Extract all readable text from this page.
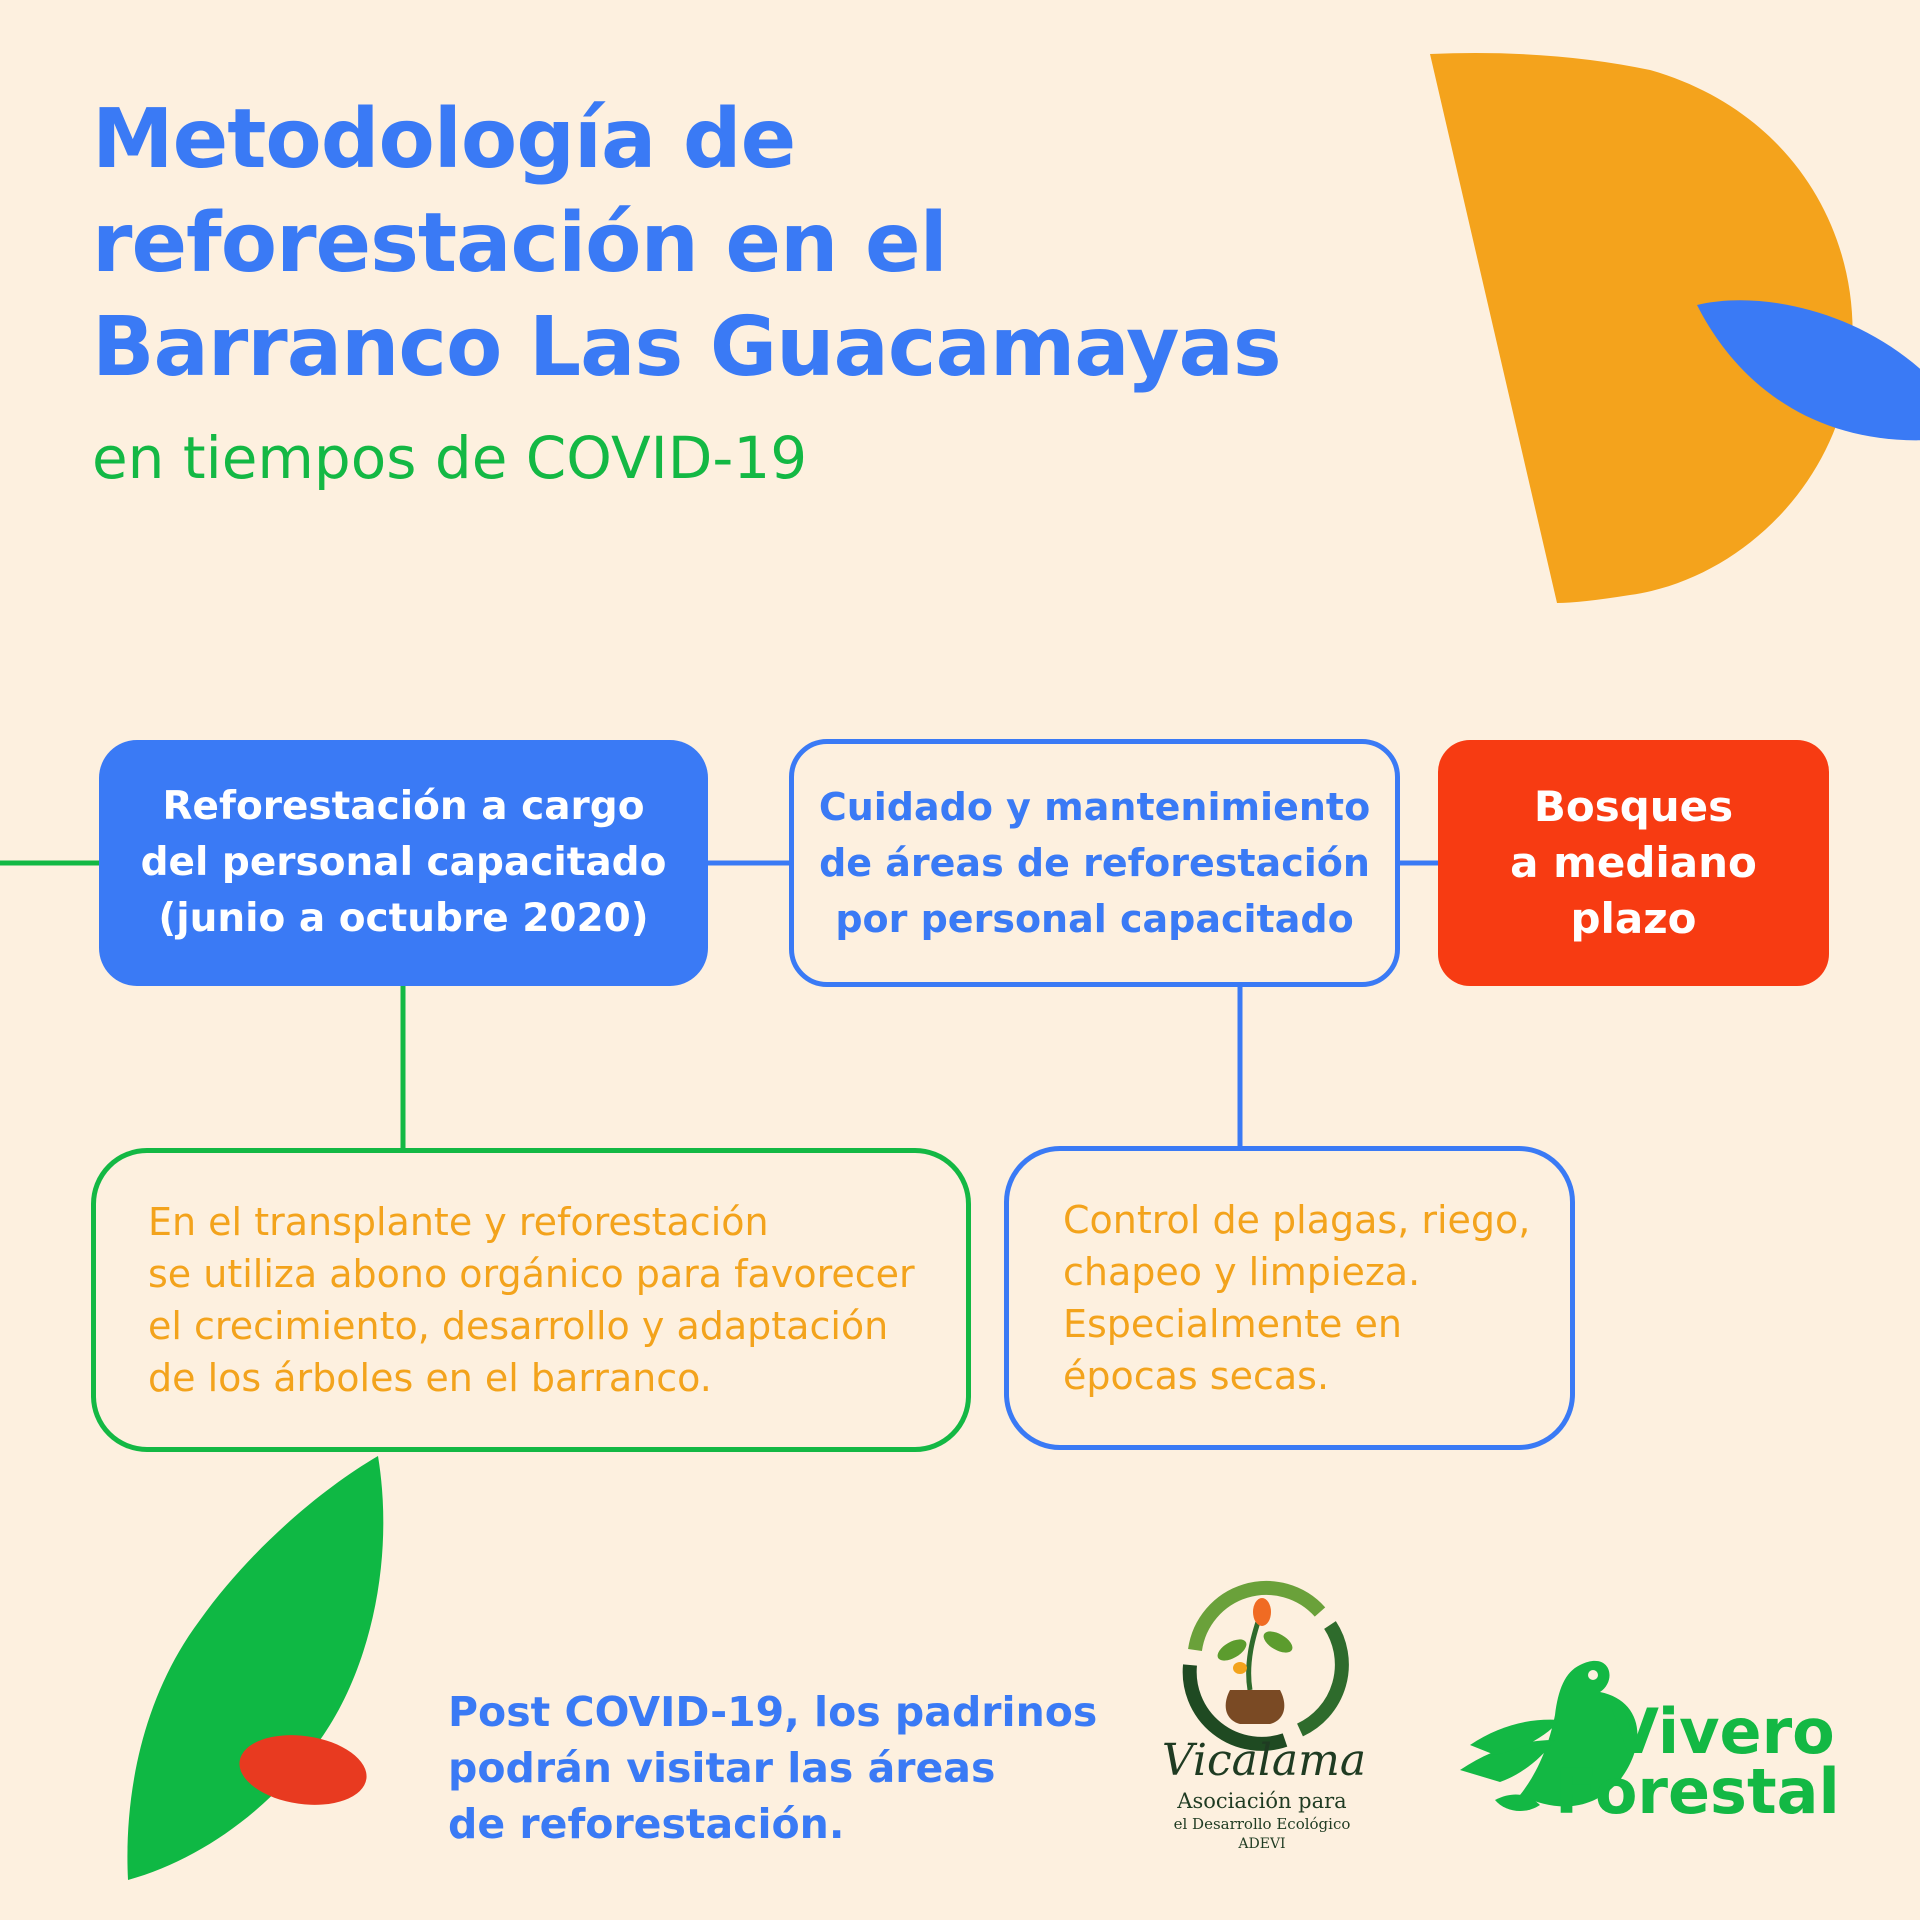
Metodología de reforestación en el Barranco Las Guacamayas
en tiempos de COVID-19
Reforestación a cargo
del personal capacitado
(junio a octubre 2020)
Cuidado y mantenimiento
de áreas de reforestación
por personal capacitado
Bosques
a mediano
plazo
En el transplante y reforestación
se utiliza abono orgánico para favorecer
el crecimiento, desarrollo y adaptación
de los árboles en el barranco.
Control de plagas, riego,
chapeo y limpieza.
Especialmente en
épocas secas.
Post COVID-19, los padrinos
podrán visitar las áreas
de reforestación.
Vicalama
Asociación para
el Desarrollo Ecológico
ADEVI
Vivero
Forestal
